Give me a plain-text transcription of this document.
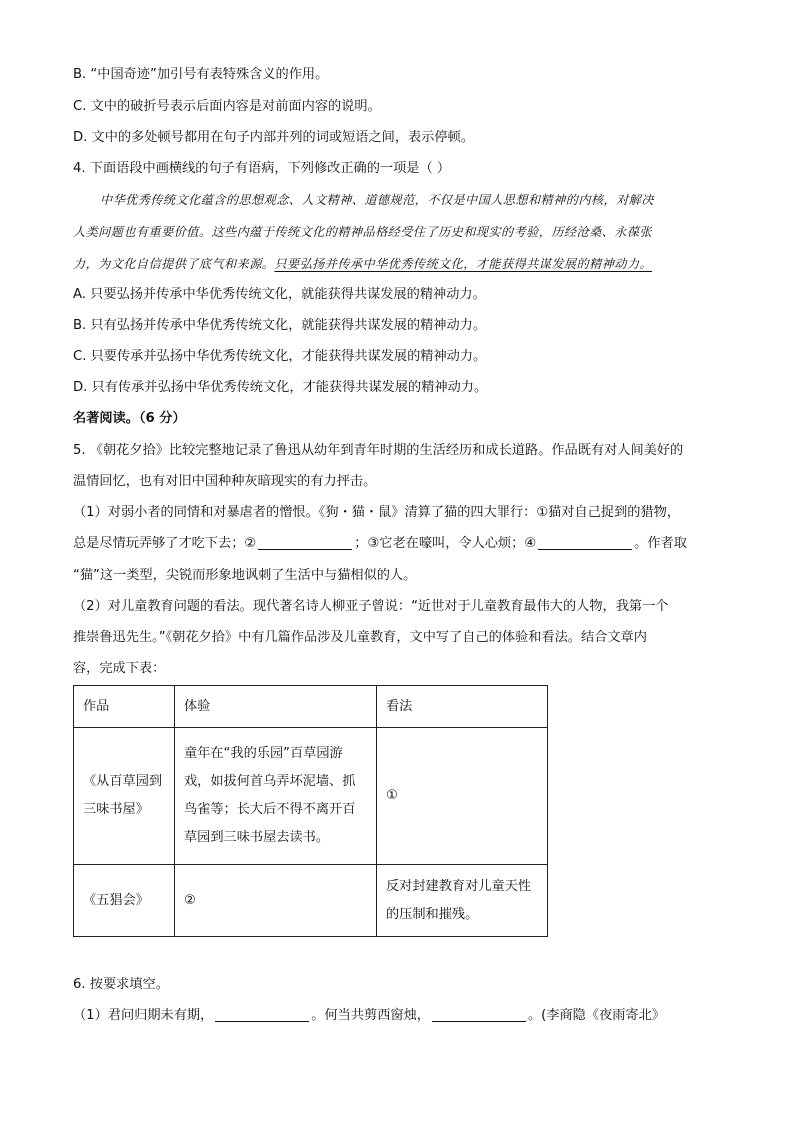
B. “中国奇迹”加引号有表特殊含义的作用。
C. 文中的破折号表示后面内容是对前面内容的说明。
D. 文中的多处顿号都用在句子内部并列的词或短语之间，表示停顿。
4. 下面语段中画横线的句子有语病，下列修改正确的一项是（ ）
中华优秀传统文化蕴含的思想观念、人文精神、道德规范，不仅是中国人思想和精神的内核，对解决
人类问题也有重要价值。这些内蕴于传统文化的精神品格经受住了历史和现实的考验，历经沧桑、永葆张
力，为文化自信提供了底气和来源。只要弘扬并传承中华优秀传统文化，才能获得共谋发展的精神动力。
A. 只要弘扬并传承中华优秀传统文化，就能获得共谋发展的精神动力。
B. 只有弘扬并传承中华优秀传统文化，就能获得共谋发展的精神动力。
C. 只要传承并弘扬中华优秀传统文化，才能获得共谋发展的精神动力。
D. 只有传承并弘扬中华优秀传统文化，才能获得共谋发展的精神动力。
名著阅读。（6 分）
5. 《朝花夕拾》比较完整地记录了鲁迅从幼年到青年时期的生活经历和成长道路。作品既有对人间美好的
温情回忆，也有对旧中国种种灰暗现实的有力抨击。
（1）对弱小者的同情和对暴虐者的憎恨。《狗・猫・鼠》清算了猫的四大罪行：①猫对自己捉到的猎物，
总是尽情玩弄够了才吃下去；②	；③它老在嚎叫，令人心烦；④	。作者取
“猫”这一类型，尖锐而形象地讽刺了生活中与猫相似的人。
（2）对儿童教育问题的看法。现代著名诗人柳亚子曾说：“近世对于儿童教育最伟大的人物，我第一个
推崇鲁迅先生。”《朝花夕拾》中有几篇作品涉及儿童教育，文中写了自己的体验和看法。结合文章内
容，完成下表：
作品	体验	看法
《从百草园到三味书屋》	童年在“我的乐园”百草园游戏，如拔何首乌弄坏泥墙、抓鸟雀等；长大后不得不离开百草园到三味书屋去读书。	①
《五猖会》	②	反对封建教育对儿童天性的压制和摧残。
6. 按要求填空。
（1）君问归期未有期，	。何当共剪西窗烛，	。(李商隐《夜雨寄北》
